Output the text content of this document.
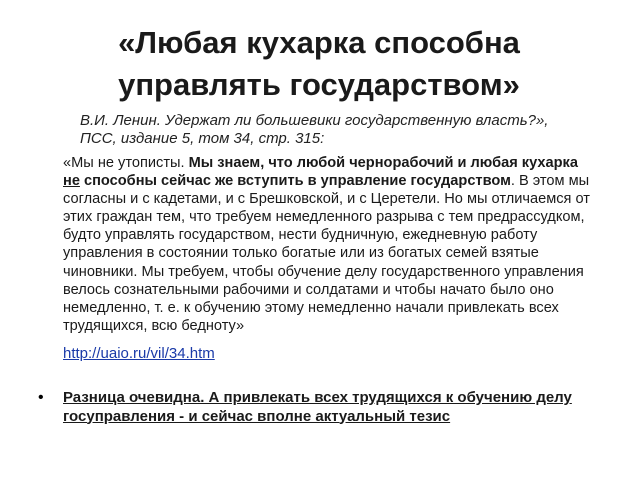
«Любая кухарка способна
управлять государством»
В.И. Ленин. Удержат ли большевики государственную власть?», ПСС, издание 5, том 34, стр. 315:
«Мы не утописты. Мы знаем, что любой чернорабочий и любая кухарка не способны сейчас же вступить в управление государством. В этом мы согласны и с кадетами, и с Брешковской, и с Церетели. Но мы отличаемся от этих граждан тем, что требуем немедленного разрыва с тем предрассудком, будто управлять государством, нести будничную, ежедневную работу управления в состоянии только богатые или из богатых семей взятые чиновники. Мы требуем, чтобы обучение делу государственного управления велось сознательными рабочими и солдатами и чтобы начато было оно немедленно, т. е. к обучению этому немедленно начали привлекать всех трудящихся, всю бедноту»
http://uaio.ru/vil/34.htm
• Разница очевидна. А привлекать всех трудящихся к обучению делу госуправления - и сейчас вполне актуальный тезис
